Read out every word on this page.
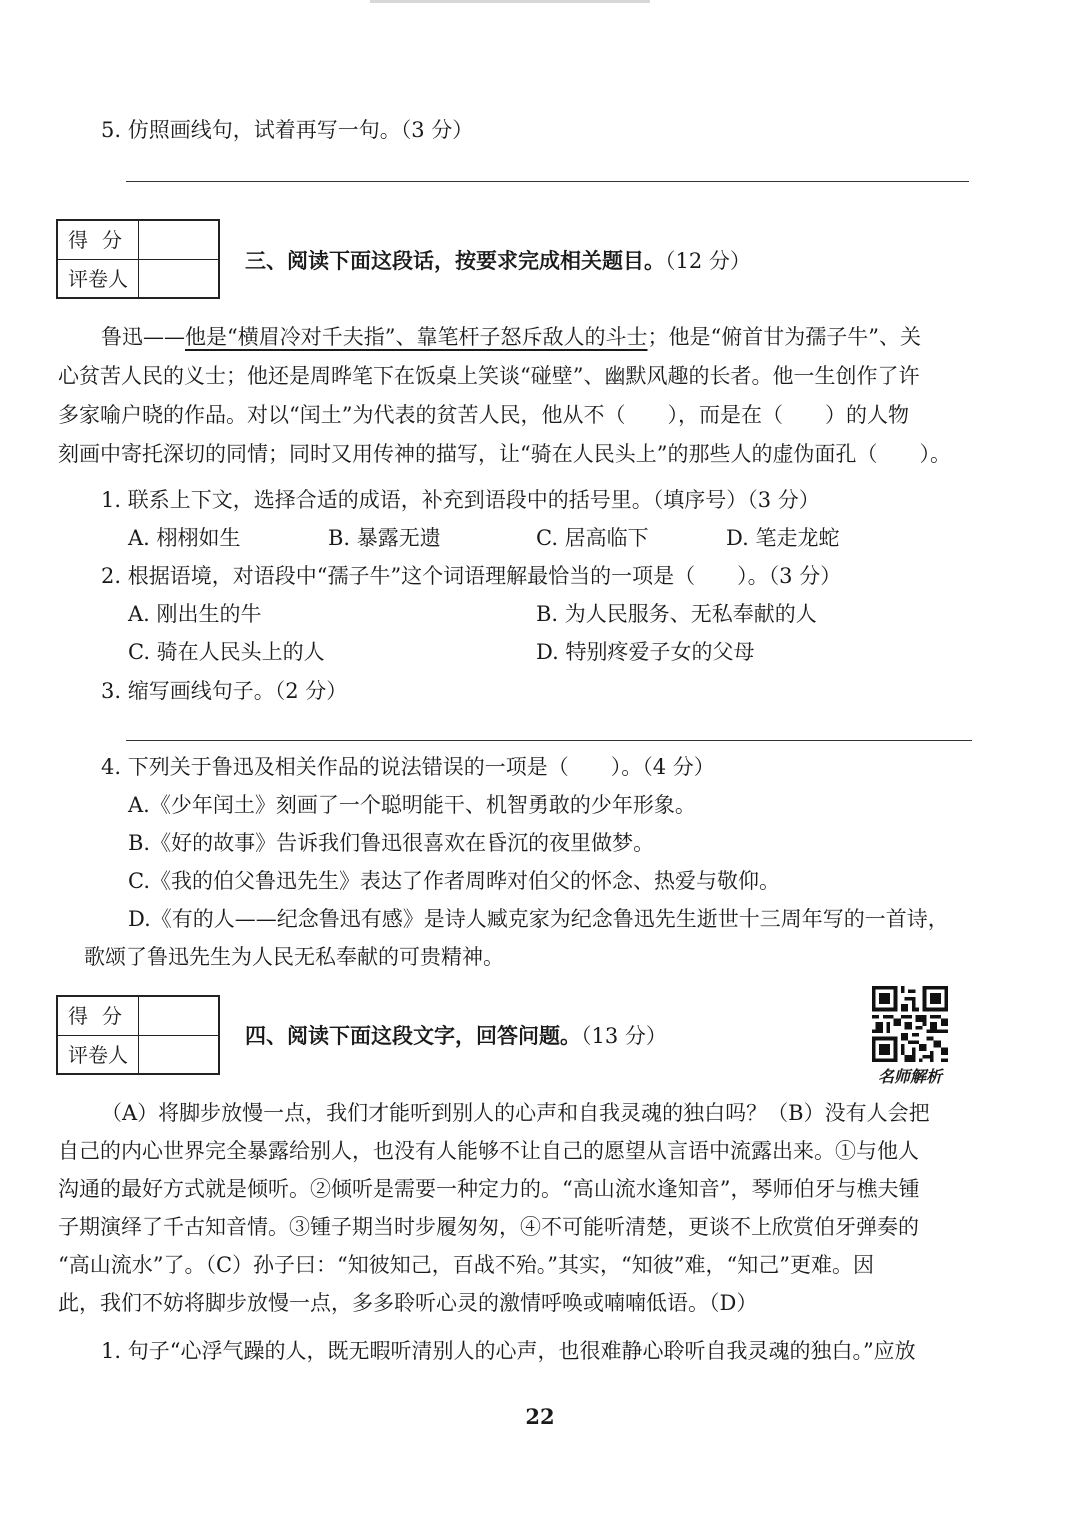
5. 仿照画线句，试着再写一句。（3 分）
得分
评卷人
三、阅读下面这段话，按要求完成相关题目。（12 分）
鲁迅——他是“横眉冷对千夫指”、靠笔杆子怒斥敌人的斗士；他是“俯首甘为孺子牛”、关
心贫苦人民的义士；他还是周晔笔下在饭桌上笑谈“碰壁”、幽默风趣的长者。他一生创作了许
多家喻户晓的作品。对以“闰土”为代表的贫苦人民，他从不（　　），而是在（　　）的人物
刻画中寄托深切的同情；同时又用传神的描写，让“骑在人民头上”的那些人的虚伪面孔（　　）。
1. 联系上下文，选择合适的成语，补充到语段中的括号里。（填序号）（3 分）
A. 栩栩如生	B. 暴露无遗	C. 居高临下	D. 笔走龙蛇
2. 根据语境，对语段中“孺子牛”这个词语理解最恰当的一项是（　　）。（3 分）
A. 刚出生的牛	B. 为人民服务、无私奉献的人
C. 骑在人民头上的人	D. 特别疼爱子女的父母
3. 缩写画线句子。（2 分）
4. 下列关于鲁迅及相关作品的说法错误的一项是（　　）。（4 分）
A.《少年闰土》刻画了一个聪明能干、机智勇敢的少年形象。
B.《好的故事》告诉我们鲁迅很喜欢在昏沉的夜里做梦。
C.《我的伯父鲁迅先生》表达了作者周晔对伯父的怀念、热爱与敬仰。
D.《有的人——纪念鲁迅有感》是诗人臧克家为纪念鲁迅先生逝世十三周年写的一首诗，
歌颂了鲁迅先生为人民无私奉献的可贵精神。
得分
评卷人
四、阅读下面这段文字，回答问题。（13 分）
名师解析
（A）将脚步放慢一点，我们才能听到别人的心声和自我灵魂的独白吗？（B）没有人会把
自己的内心世界完全暴露给别人，也没有人能够不让自己的愿望从言语中流露出来。①与他人
沟通的最好方式就是倾听。②倾听是需要一种定力的。“高山流水逢知音”，琴师伯牙与樵夫锺
子期演绎了千古知音情。③锺子期当时步履匆匆，④不可能听清楚，更谈不上欣赏伯牙弹奏的
“高山流水”了。（C）孙子曰：“知彼知己，百战不殆。”其实，“知彼”难，“知己”更难。因
此，我们不妨将脚步放慢一点，多多聆听心灵的激情呼唤或喃喃低语。（D）
1. 句子“心浮气躁的人，既无暇听清别人的心声，也很难静心聆听自我灵魂的独白。”应放
22
